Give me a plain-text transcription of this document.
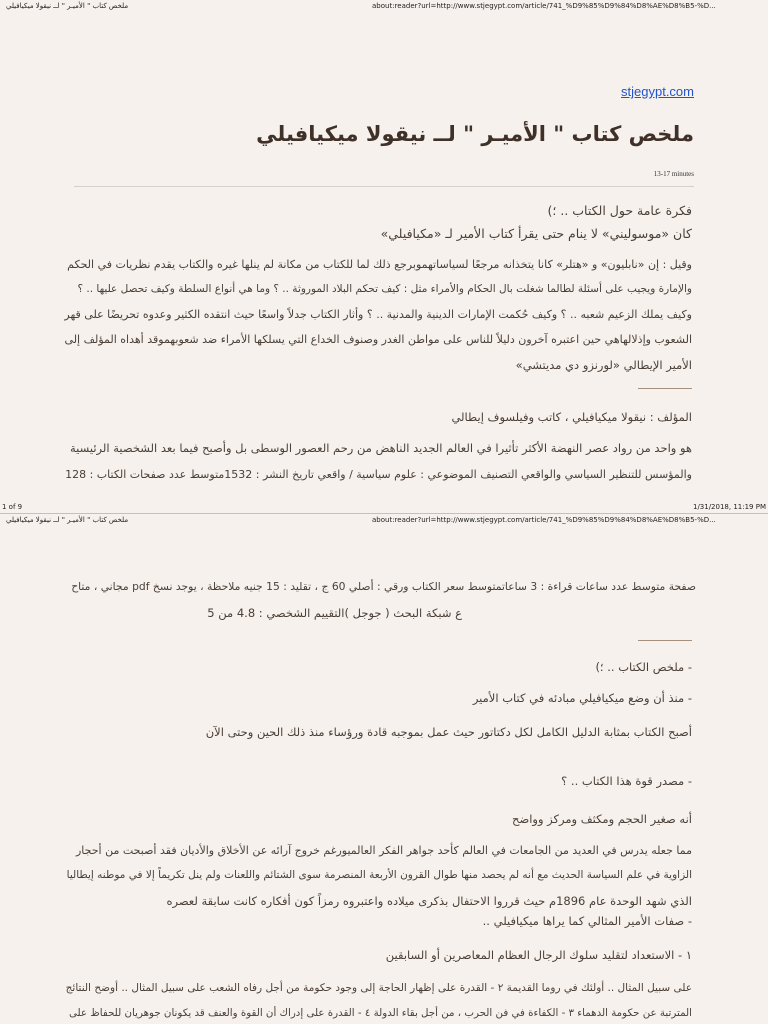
ملخص كتاب " الأميـر " لــ نيقولا ميكيافيلي	about:reader?url=http://www.stjegypt.com/article/741_%D9%85%D9%84%D8%AE%D8%B5-%D...
stjegypt.com
ملخص كتاب " الأميـر " لــ نيقولا ميكيافيلي
13-17 minutes
فكرة عامة حول الكتاب .. ؛)
كان «موسوليني» لا ينام حتى يقرأ كتاب الأمير لـ «مكيافيلي»
وقيل : إن «نابليون» و «هتلر» كانا يتخذانه مرجعًا لسياساتهموبرجع ذلك لما للكتاب من مكانة لم ينلها غيره والكتاب يقدم نظريات في الحكم
والإمارة ويجيب على أسئلة لطالما شغلت بال الحكام والأمراء مثل : كيف تحكم البلاد الموروثة .. ؟ وما هي أنواع السلطة وكيف تحصل عليها .. ؟
وكيف يملك الزعيم شعبه .. ؟ وكيف حُكمت الإمارات الدينية والمدنية .. ؟ وأثار الكتاب جدلاً واسعًا حيث انتقده الكثير وعدوه تحريضًا على قهر
الشعوب وإذلالهاهي حين اعتبره آخرون دليلاً للناس على مواطن الغدر وصنوف الخداع التي يسلكها الأمراء ضد شعوبهموقد أهداه المؤلف إلى
الأمير الإيطالي «لورنزو دي مديتشي»
المؤلف : نيقولا ميكيافيلي ، كاتب وفيلسوف إيطالي
هو واحد من رواد عصر النهضة الأكثر تأثيرا في العالم الجديد الناهض من رحم العصور الوسطى بل وأصبح فيما بعد الشخصية الرئيسية
والمؤسس للتنظير السياسي والواقعي التصنيف الموضوعي : علوم سياسية / واقعي تاريخ النشر : 1532متوسط عدد صفحات الكتاب : 128
1 of 9	1/31/2018, 11:19 PM
ملخص كتاب " الأميـر " لــ نيقولا ميكيافيلي	about:reader?url=http://www.stjegypt.com/article/741_%D9%85%D9%84%D8%AE%D8%B5-%D...
صفحة متوسط عدد ساعات قراءة : 3 ساعاتمتوسط سعر الكتاب ورقي : أصلي 60 ج ، تقليد : 15 جنيه ملاحظة ، يوجد نسخ pdf مجاني ، متاح
ع شبكة البحث ( جوجل )التقييم الشخصي : 4.8 من 5
- ملخص الكتاب .. ؛)
- منذ أن وضع ميكيافيلي مبادئه في كتاب الأمير
أصبح الكتاب بمثابة الدليل الكامل لكل دكتاتور حيث عمل بموجبه قادة ورؤساء منذ ذلك الحين وحتى الآن
- مصدر قوة هذا الكتاب .. ؟
أنه صغير الحجم ومكثف ومركز وواضح
مما جعله يدرس في العديد من الجامعات في العالم كأحد جواهر الفكر العالميورغم خروج آرائه عن الأخلاق والأديان فقد أصبحت من أحجار
الزاوية في علم السياسة الحديث مع أنه لم يحصد منها طوال القرون الأربعة المنصرمة سوى الشتائم واللعنات ولم ينل تكريماً إلا في موطنه إيطاليا
الذي شهد الوحدة عام 1896م حيث قرروا الاحتفال بذكرى ميلاده واعتبروه رمزاً كون أفكاره كانت سابقة لعصره
- صفات الأمير المثالي كما يراها ميكيافيلي ..
١ - الاستعداد لتقليد سلوك الرجال العظام المعاصرين أو السابقين
على سبيل المثال .. أولئك في روما القديمة ٢ - القدرة على إظهار الحاجة إلى وجود حكومة من أجل رفاه الشعب على سبيل المثال .. أوضح النتائج
المترتبة عن حكومة الدهماء ٣ - الكفاءة في فن الحرب ، من أجل بقاء الدولة ٤ - القدرة على إدراك أن القوة والعنف قد يكونان جوهريان للحفاظ على
